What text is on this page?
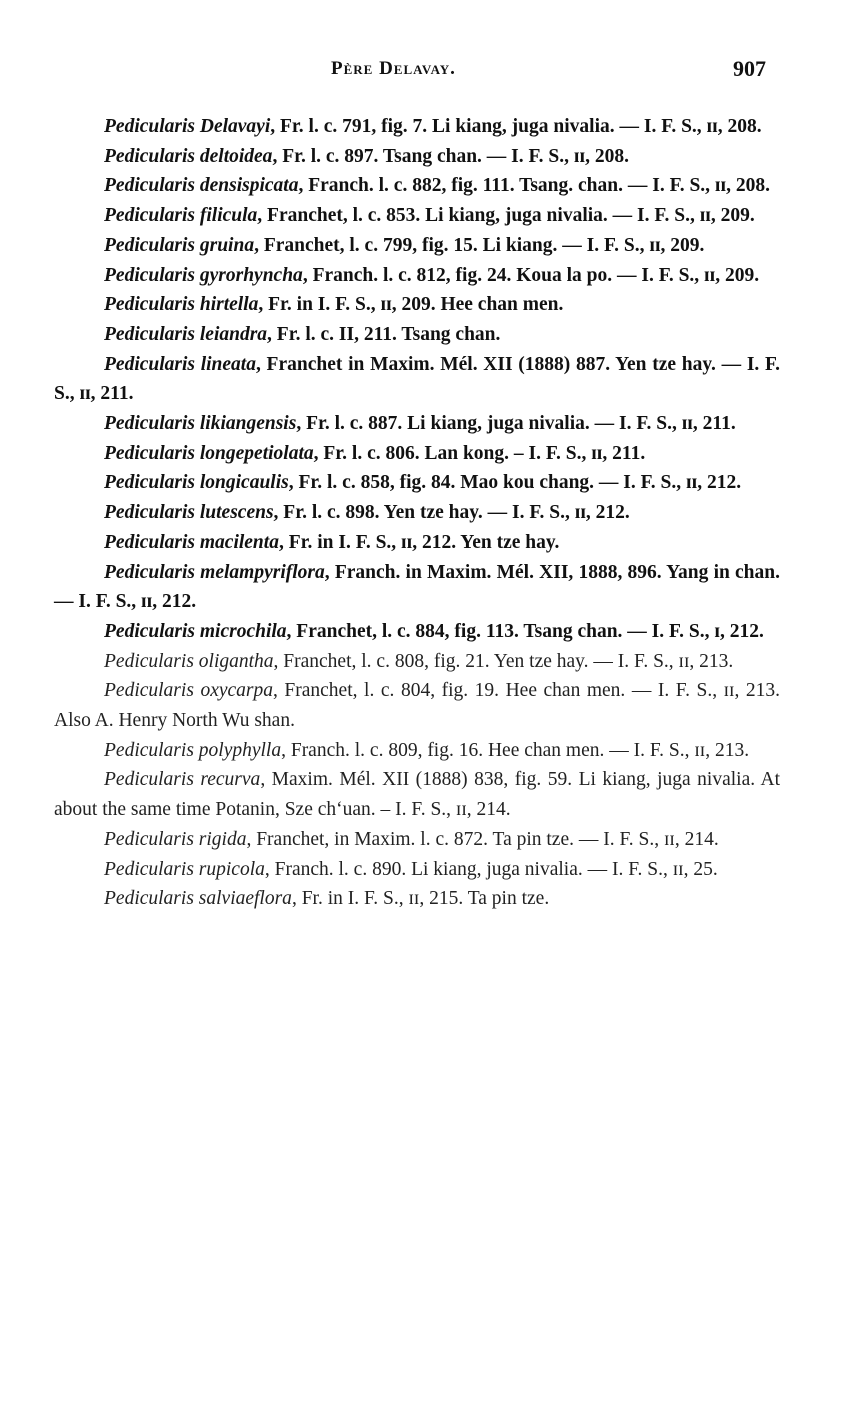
Père Delavay.	907

Pedicularis Delavayi, Fr. l. c. 791, fig. 7. Li kiang, juga nivalia. — I. F. S., ɪɪ, 208.

Pedicularis deltoidea, Fr. l. c. 897. Tsang chan. — I. F. S., ɪɪ, 208.

Pedicularis densispicata, Franch. l. c. 882, fig. 111. Tsang. chan. — I. F. S., ɪɪ, 208.

Pedicularis filicula, Franchet, l. c. 853. Li kiang, juga nivalia. — I. F. S., ɪɪ, 209.

Pedicularis gruina, Franchet, l. c. 799, fig. 15. Li kiang. — I. F. S., ɪɪ, 209.

Pedicularis gyrorhyncha, Franch. l. c. 812, fig. 24. Koua la po. — I. F. S., ɪɪ, 209.

Pedicularis hirtella, Fr. in I. F. S., ɪɪ, 209. Hee chan men.

Pedicularis leiandra, Fr. l. c. II, 211. Tsang chan.

Pedicularis lineata, Franchet in Maxim. Mél. XII (1888) 887. Yen tze hay. — I. F. S., ɪɪ, 211.

Pedicularis likiangensis, Fr. l. c. 887. Li kiang, juga nivalia. — I. F. S., ɪɪ, 211.

Pedicularis longepetiolata, Fr. l. c. 806. Lan kong. – I. F. S., ɪɪ, 211.

Pedicularis longicaulis, Fr. l. c. 858, fig. 84. Mao kou chang. — I. F. S., ɪɪ, 212.

Pedicularis lutescens, Fr. l. c. 898. Yen tze hay. — I. F. S., ɪɪ, 212.

Pedicularis macilenta, Fr. in I. F. S., ɪɪ, 212. Yen tze hay.

Pedicularis melampyriflora, Franch. in Maxim. Mél. XII, 1888, 896. Yang in chan. — I. F. S., ɪɪ, 212.

Pedicularis microchila, Franchet, l. c. 884, fig. 113. Tsang chan. — I. F. S., ɪ, 212.

Pedicularis oligantha, Franchet, l. c. 808, fig. 21. Yen tze hay. — I. F. S., ɪɪ, 213.

Pedicularis oxycarpa, Franchet, l. c. 804, fig. 19. Hee chan men. — I. F. S., ɪɪ, 213. Also A. Henry North Wu shan.

Pedicularis polyphylla, Franch. l. c. 809, fig. 16. Hee chan men. — I. F. S., ɪɪ, 213.

Pedicularis recurva, Maxim. Mél. XII (1888) 838, fig. 59. Li kiang, juga nivalia. At about the same time Potanin, Sze chʻuan. – I. F. S., ɪɪ, 214.

Pedicularis rigida, Franchet, in Maxim. l. c. 872. Ta pin tze. — I. F. S., ɪɪ, 214.

Pedicularis rupicola, Franch. l. c. 890. Li kiang, juga nivalia. — I. F. S., ɪɪ, 25.

Pedicularis salviaeflora, Fr. in I. F. S., ɪɪ, 215. Ta pin tze.
